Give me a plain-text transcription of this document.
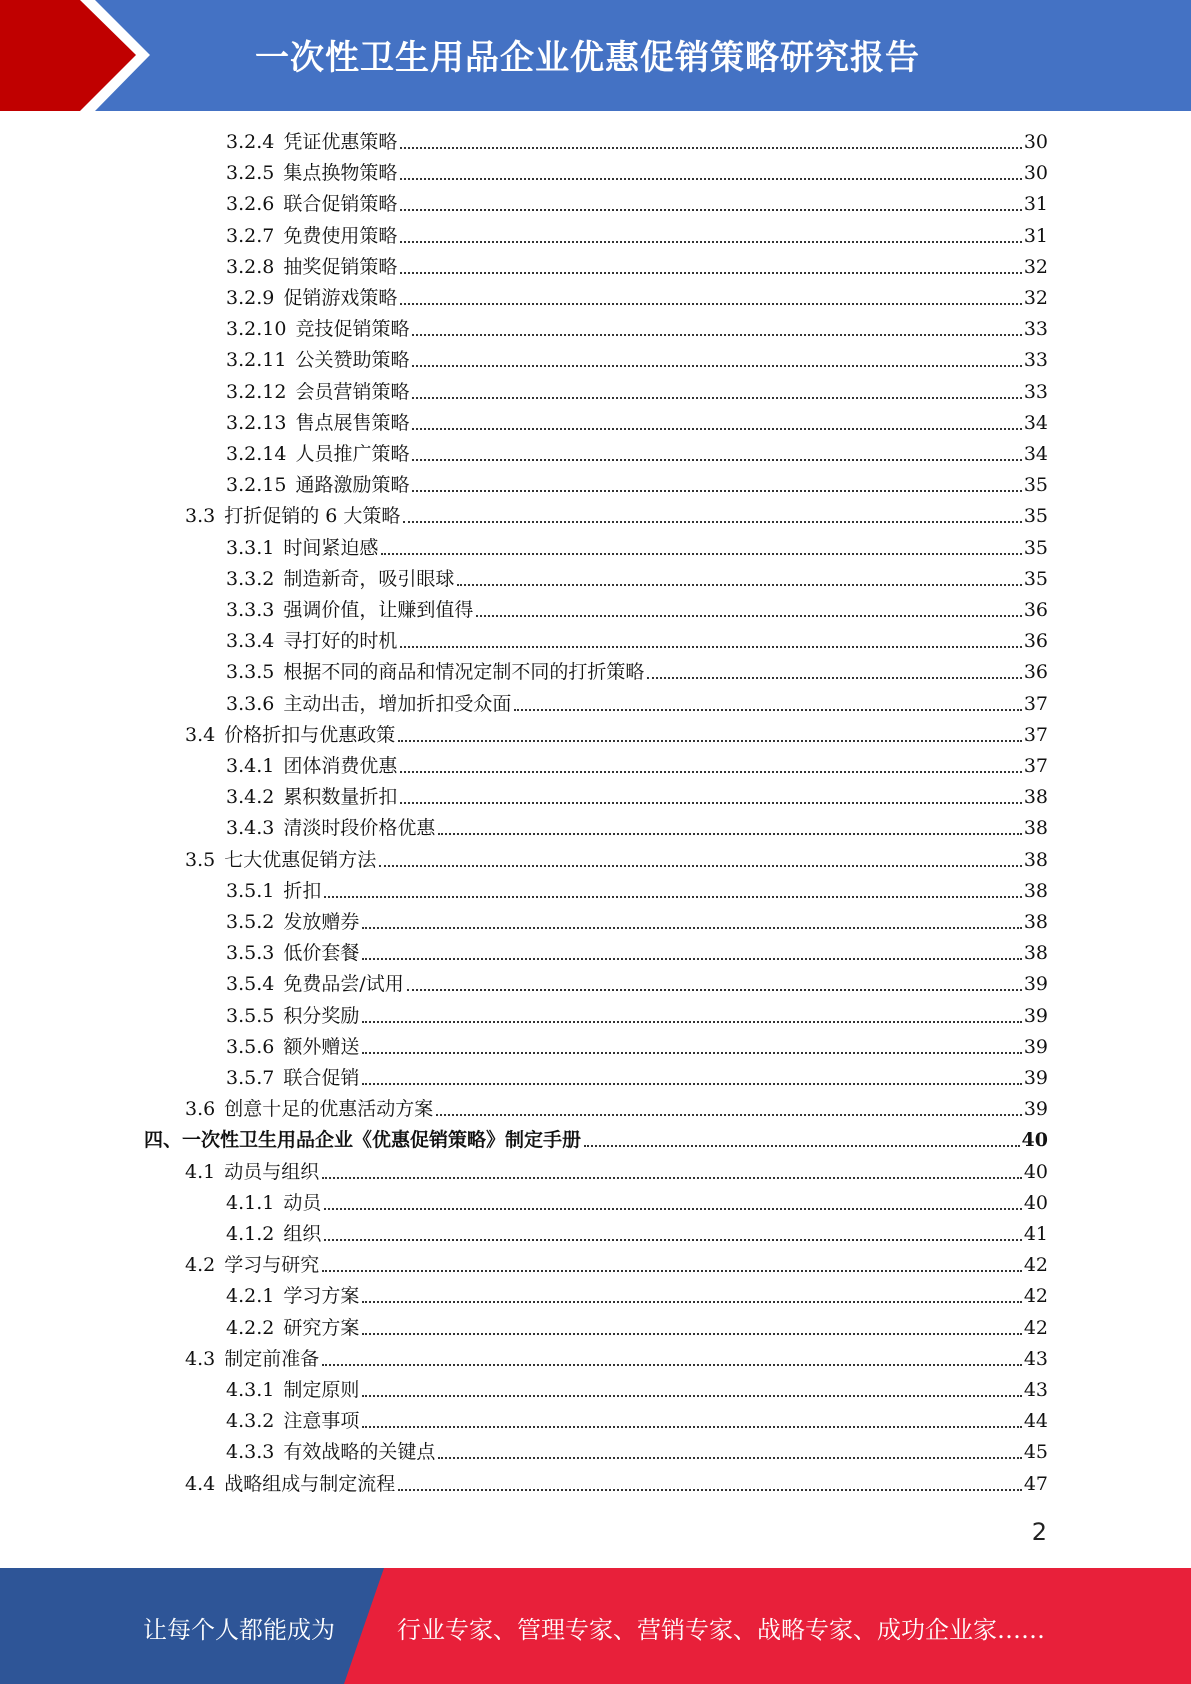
一次性卫生用品企业优惠促销策略研究报告
3.2.4 凭证优惠策略	30
3.2.5 集点换物策略	30
3.2.6 联合促销策略	31
3.2.7 免费使用策略	31
3.2.8 抽奖促销策略	32
3.2.9 促销游戏策略	32
3.2.10 竞技促销策略	33
3.2.11 公关赞助策略	33
3.2.12 会员营销策略	33
3.2.13 售点展售策略	34
3.2.14 人员推广策略	34
3.2.15 通路激励策略	35
3.3 打折促销的 6 大策略	35
3.3.1 时间紧迫感	35
3.3.2 制造新奇，吸引眼球	35
3.3.3 强调价值，让赚到值得	36
3.3.4 寻打好的时机	36
3.3.5 根据不同的商品和情况定制不同的打折策略	36
3.3.6 主动出击，增加折扣受众面	37
3.4 价格折扣与优惠政策	37
3.4.1 团体消费优惠	37
3.4.2 累积数量折扣	38
3.4.3 清淡时段价格优惠	38
3.5 七大优惠促销方法	38
3.5.1 折扣	38
3.5.2 发放赠券	38
3.5.3 低价套餐	38
3.5.4 免费品尝/试用	39
3.5.5 积分奖励	39
3.5.6 额外赠送	39
3.5.7 联合促销	39
3.6 创意十足的优惠活动方案	39
四、 一次性卫生用品企业《优惠促销策略》制定手册	40
4.1 动员与组织	40
4.1.1 动员	40
4.1.2 组织	41
4.2 学习与研究	42
4.2.1 学习方案	42
4.2.2 研究方案	42
4.3 制定前准备	43
4.3.1 制定原则	43
4.3.2 注意事项	44
4.3.3 有效战略的关键点	45
4.4 战略组成与制定流程	47
2
让每个人都能成为	行业专家、管理专家、营销专家、战略专家、成功企业家……
